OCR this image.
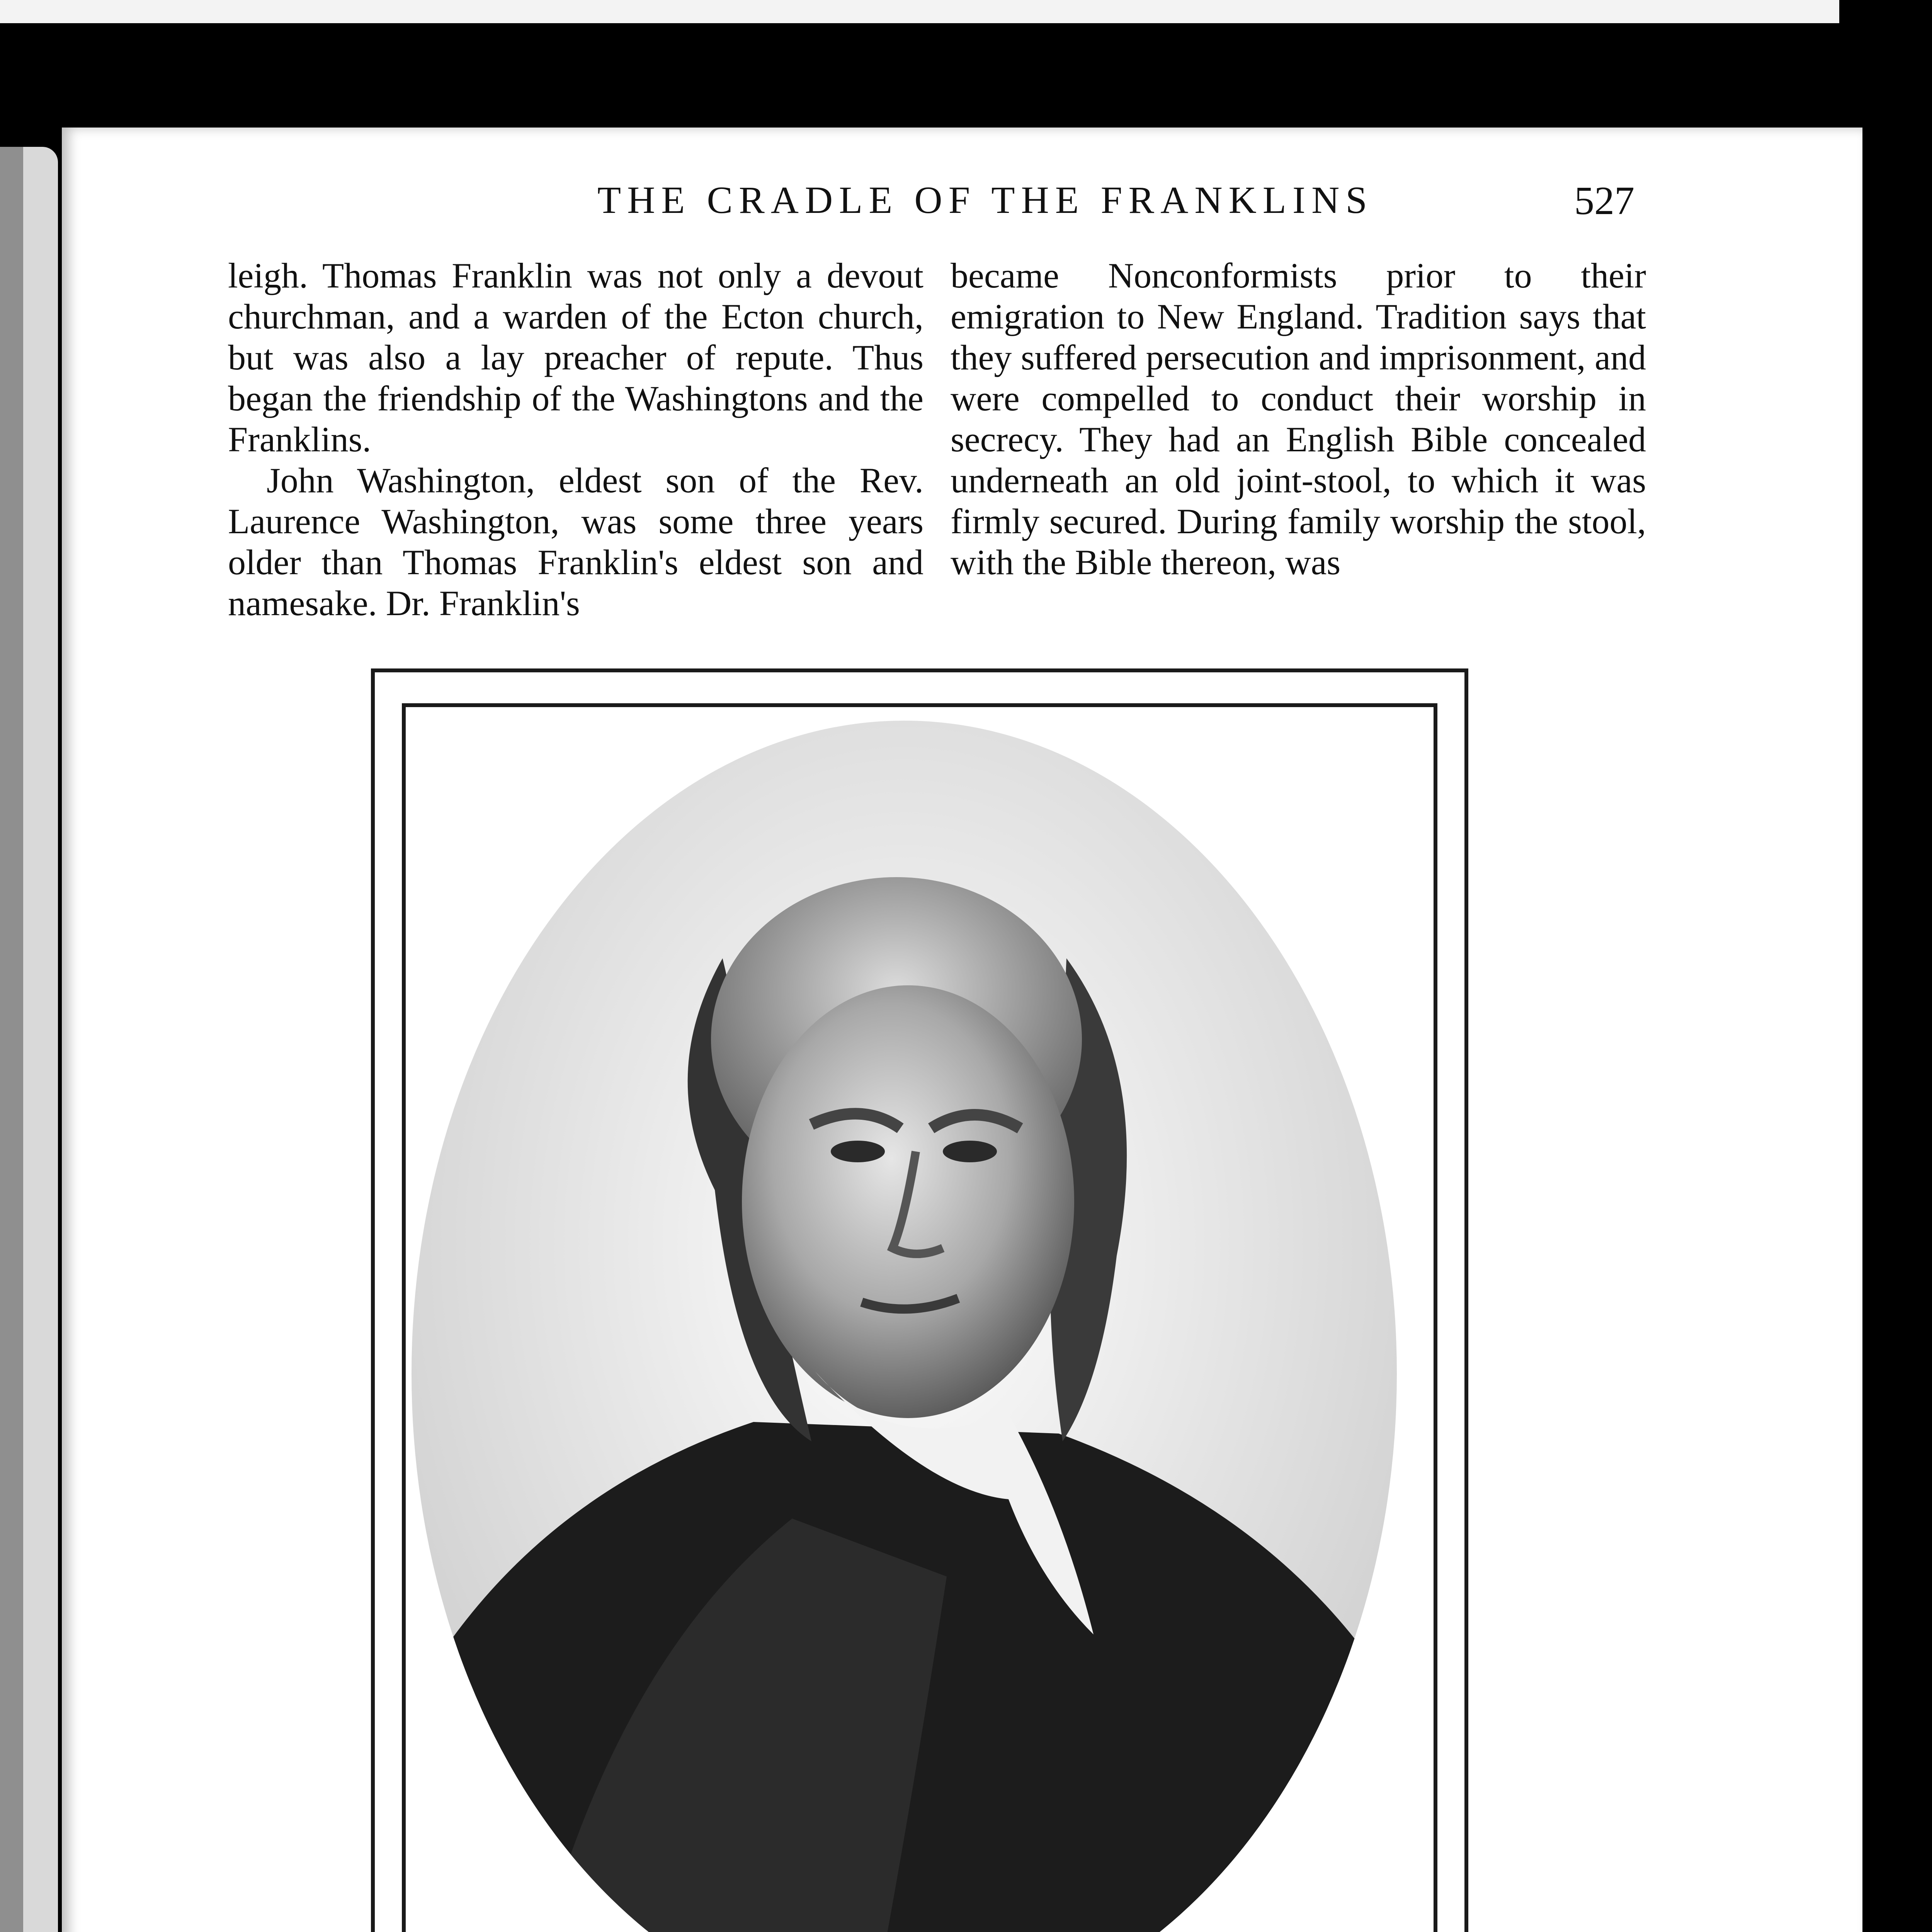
THE CRADLE OF THE FRANKLINS	527

leigh. Thomas Franklin was not only a devout churchman, and a warden of the Ecton church, but was also a lay preacher of repute. Thus began the friendship of the Washingtons and the Franklins.

John Washington, eldest son of the Rev. Laurence Washington, was some three years older than Thomas Franklin's eldest son and namesake. Dr. Franklin's

became Nonconformists prior to their emigration to New England. Tradition says that they suffered persecution and imprisonment, and were compelled to conduct their worship in secrecy. They had an English Bible concealed underneath an old joint-stool, to which it was firmly secured. During family worship the stool, with the Bible thereon, was
